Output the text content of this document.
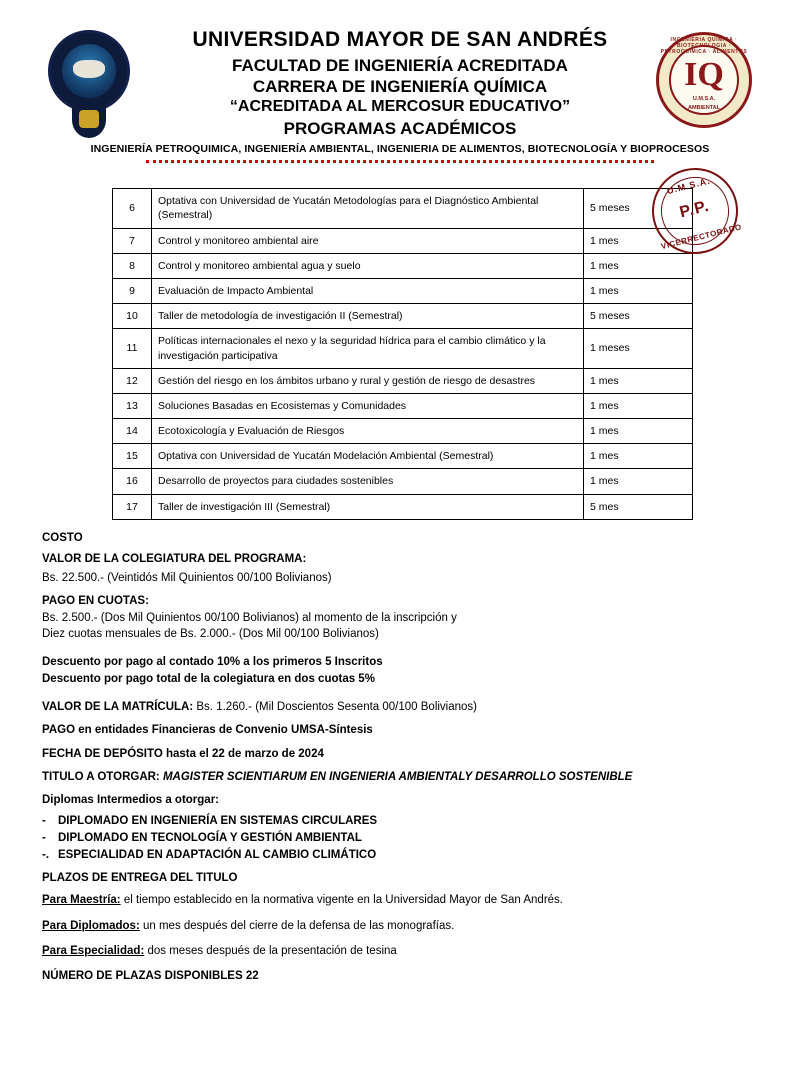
INGENIERIA QUIMICA · BIOTECNOLOGIA · PETROQUIMICA · ALIMENTOS
IQ
U.M.S.A.
AMBIENTAL
UNIVERSIDAD MAYOR DE SAN ANDRÉS
FACULTAD DE INGENIERÍA ACREDITADA
CARRERA DE INGENIERÍA QUÍMICA
“ACREDITADA AL MERCOSUR EDUCATIVO”
PROGRAMAS ACADÉMICOS
INGENIERÍA PETROQUIMICA, INGENIERÍA AMBIENTAL, INGENIERIA DE ALIMENTOS, BIOTECNOLOGÍA Y BIOPROCESOS
U.M.S.A.
P.P.
VICERRECTORADO
6	Optativa con Universidad de Yucatán Metodologías para el Diagnóstico Ambiental (Semestral)	5 meses
7	Control y monitoreo ambiental aire	1 mes
8	Control y monitoreo ambiental agua y suelo	1 mes
9	Evaluación de Impacto Ambiental	1 mes
10	Taller de metodología de investigación II (Semestral)	5 meses
11	Políticas internacionales el nexo y la seguridad hídrica para el cambio climático y la investigación participativa	1 meses
12	Gestión del riesgo en los ámbitos urbano y rural y gestión de riesgo de desastres	1 mes
13	Soluciones Basadas en Ecosistemas y Comunidades	1 mes
14	Ecotoxicología y Evaluación de Riesgos	1 mes
15	Optativa con Universidad de Yucatán Modelación Ambiental (Semestral)	1 mes
16	Desarrollo de proyectos para ciudades sostenibles	1 mes
17	Taller de investigación III (Semestral)	5 mes
COSTO
VALOR DE LA COLEGIATURA DEL PROGRAMA:
Bs. 22.500.- (Veintidós Mil Quinientos 00/100 Bolivianos)
PAGO EN CUOTAS:
Bs. 2.500.- (Dos Mil Quinientos 00/100 Bolivianos) al momento de la inscripción y
Diez cuotas mensuales de Bs. 2.000.- (Dos Mil 00/100 Bolivianos)
Descuento por pago al contado 10% a los primeros 5 Inscritos
Descuento por pago total de la colegiatura en dos cuotas 5%
VALOR DE LA MATRÍCULA: Bs. 1.260.- (Mil Doscientos Sesenta 00/100 Bolivianos)
PAGO en entidades Financieras de Convenio UMSA-Síntesis
FECHA DE DEPÓSITO hasta el 22 de marzo de 2024
TITULO A OTORGAR: MAGISTER SCIENTIARUM EN INGENIERIA AMBIENTALY DESARROLLO SOSTENIBLE
Diplomas Intermedios a otorgar:
- DIPLOMADO EN INGENIERÍA EN SISTEMAS CIRCULARES
- DIPLOMADO EN TECNOLOGÍA Y GESTIÓN AMBIENTAL
-. ESPECIALIDAD EN ADAPTACIÓN AL CAMBIO CLIMÁTICO
PLAZOS DE ENTREGA DEL TITULO
Para Maestría: el tiempo establecido en la normativa vigente en la Universidad Mayor de San Andrés.
Para Diplomados: un mes después del cierre de la defensa de las monografías.
Para Especialidad: dos meses después de la presentación de tesina
NÚMERO DE PLAZAS DISPONIBLES 22
